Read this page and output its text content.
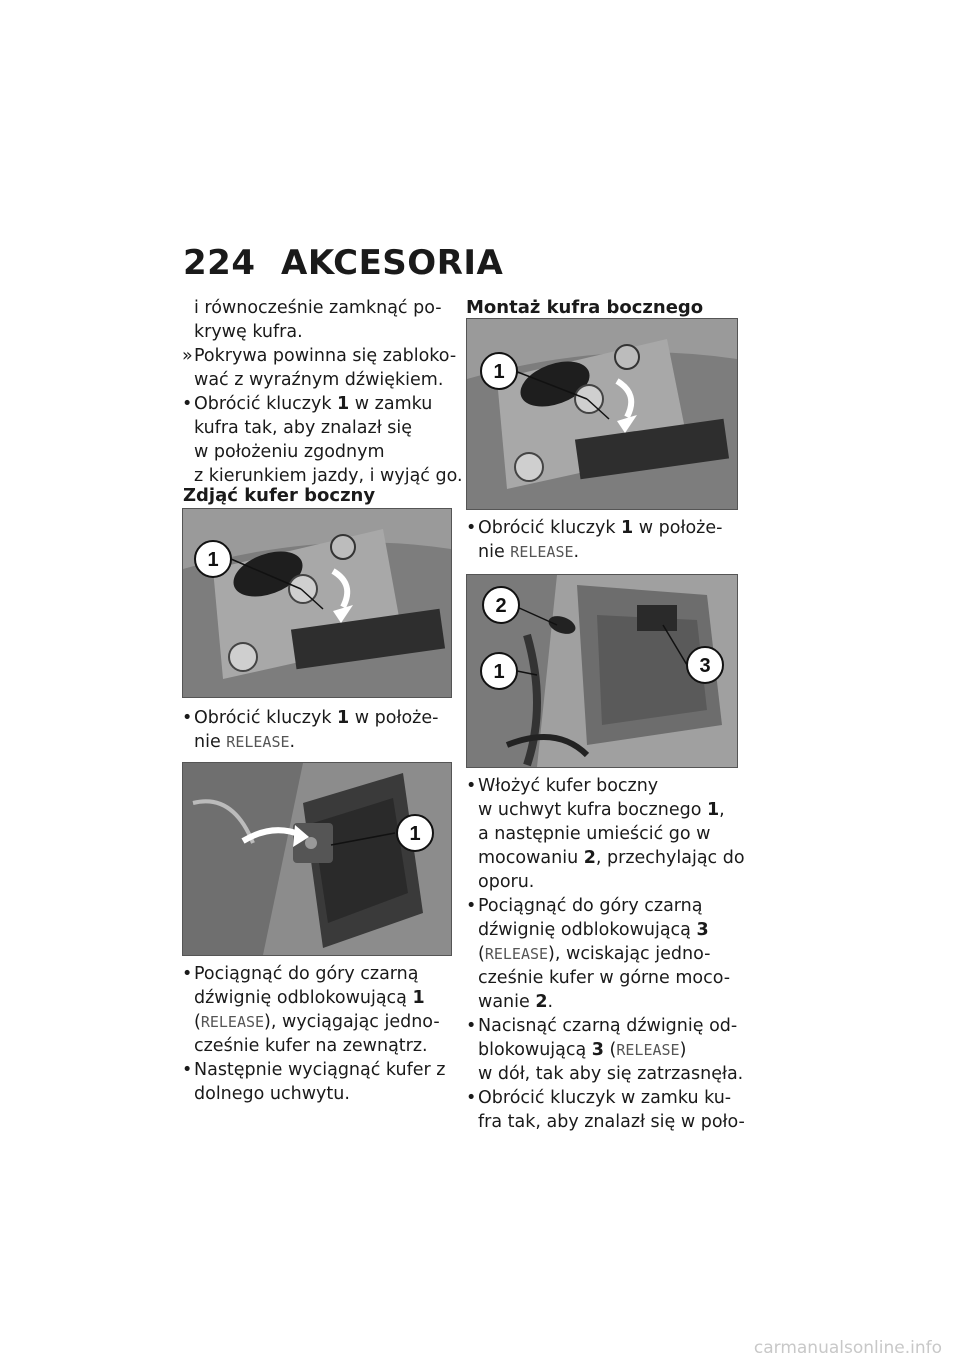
224 AKCESORIA
i równocześnie zamknąć po-
krywę kufra.
» Pokrywa powinna się zabloko-
wać z wyraźnym dźwiękiem.
• Obrócić kluczyk 1 w zamku
kufra tak, aby znalazł się
w położeniu zgodnym
z kierunkiem jazdy, i wyjąć go.
Zdjąć kufer boczny
1
• Obrócić kluczyk 1 w położe-
nie RELEASE.
1
• Pociągnąć do góry czarną
dźwignię odblokowującą 1
(RELEASE), wyciągając jedno-
cześnie kufer na zewnątrz.
• Następnie wyciągnąć kufer z
dolnego uchwytu.
Montaż kufra bocznego
1
• Obrócić kluczyk 1 w położe-
nie RELEASE.
2
1	3
• Włożyć kufer boczny
w uchwyt kufra bocznego 1,
a następnie umieścić go w
mocowaniu 2, przechylając do
oporu.
• Pociągnąć do góry czarną
dźwignię odblokowującą 3
(RELEASE), wciskając jedno-
cześnie kufer w górne moco-
wanie 2.
• Nacisnąć czarną dźwignię od-
blokowującą 3 (RELEASE)
w dół, tak aby się zatrzasnęła.
• Obrócić kluczyk w zamku ku-
fra tak, aby znalazł się w poło-
carmanualsonline.info
